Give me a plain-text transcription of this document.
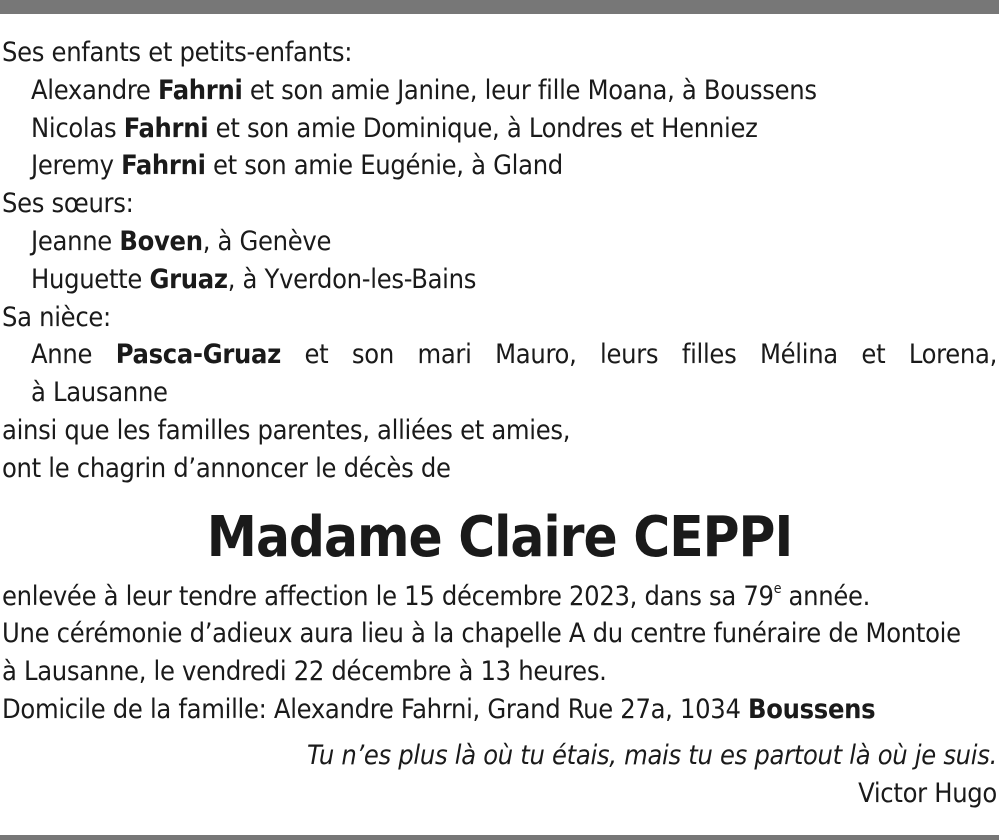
Ses enfants et petits-enfants:
Alexandre Fahrni et son amie Janine, leur fille Moana, à Boussens
Nicolas Fahrni et son amie Dominique, à Londres et Henniez
Jeremy Fahrni et son amie Eugénie, à Gland
Ses sœurs:
Jeanne Boven, à Genève
Huguette Gruaz, à Yverdon-les-Bains
Sa nièce:
Anne Pasca-Gruaz et son mari Mauro, leurs filles Mélina et Lorena,
à Lausanne
ainsi que les familles parentes, alliées et amies,
ont le chagrin d’annoncer le décès de
Madame Claire CEPPI
enlevée à leur tendre affection le 15 décembre 2023, dans sa 79e année.
Une cérémonie d’adieux aura lieu à la chapelle A du centre funéraire de Montoie
à Lausanne, le vendredi 22 décembre à 13 heures.
Domicile de la famille: Alexandre Fahrni, Grand Rue 27a, 1034 Boussens
Tu n’es plus là où tu étais, mais tu es partout là où je suis.
Victor Hugo
